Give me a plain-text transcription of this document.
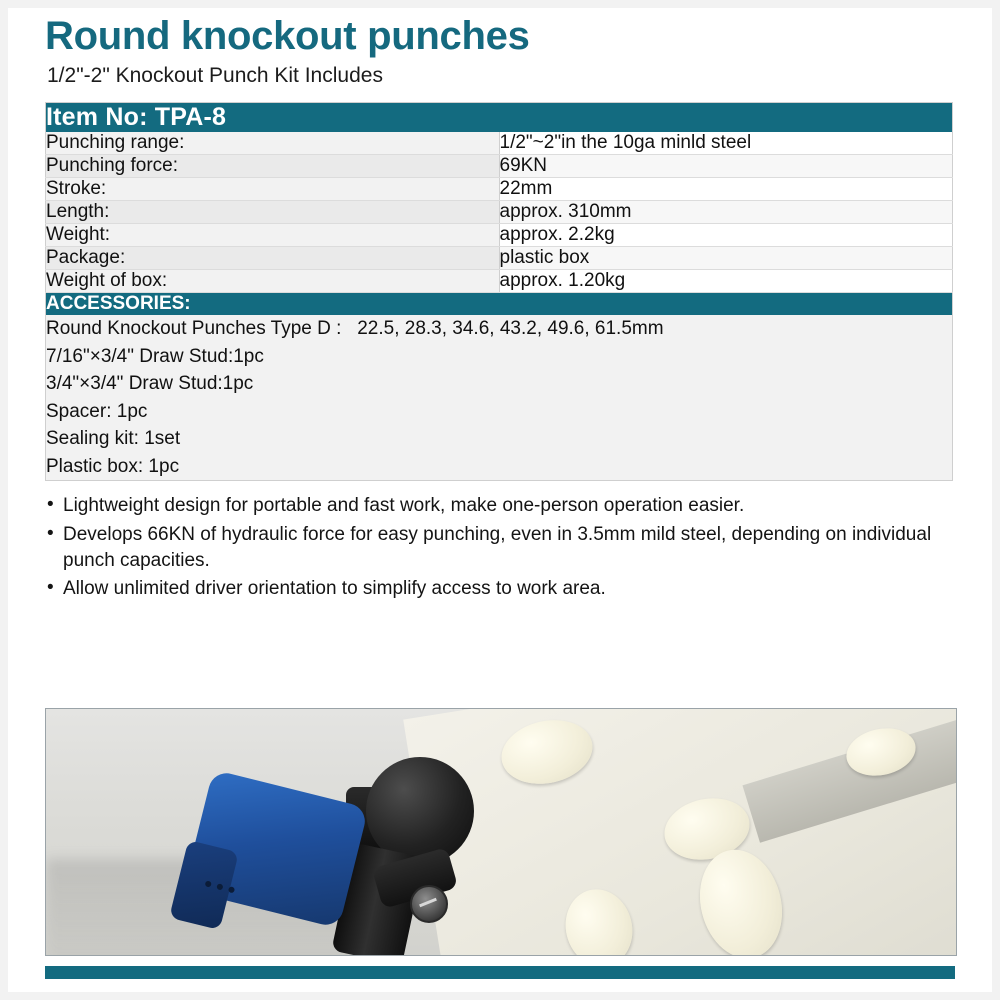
Round knockout punches
1/2"-2" Knockout Punch Kit Includes
Item No: TPA-8	
Punching range:	1/2"~2"in the 10ga minld steel
Punching force:	69KN
Stroke:	22mm
Length:	approx. 310mm
Weight:	approx. 2.2kg
Package:	plastic box
Weight of box:	approx. 1.20kg
ACCESSORIES:	

Round Knockout Punches Type D :   22.5, 28.3, 34.6, 43.2, 49.6, 61.5mm
7/16"×3/4" Draw Stud:1pc
3/4"×3/4" Draw Stud:1pc
Spacer: 1pc
Sealing kit: 1set
Plastic box: 1pc
• Lightweight design for portable and fast work, make one-person operation easier.
• Develops 66KN of hydraulic force for easy punching, even in 3.5mm mild steel, depending on individual punch capacities.
• Allow unlimited driver orientation to simplify access to work area.
